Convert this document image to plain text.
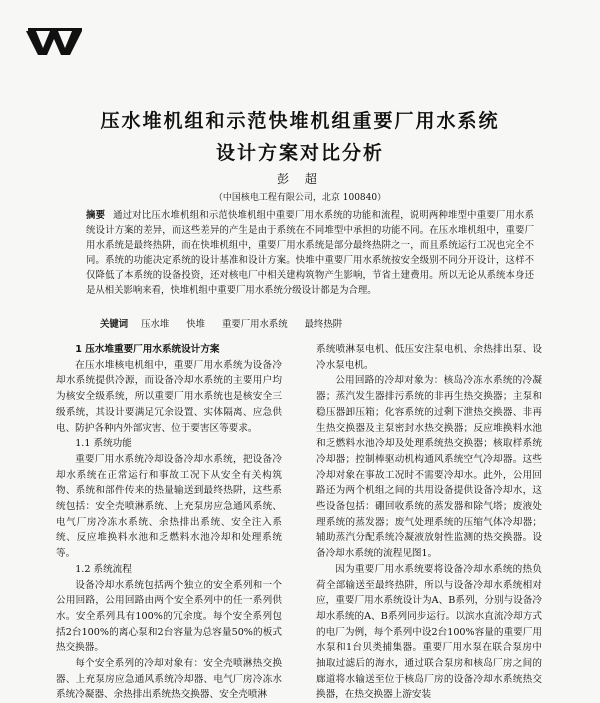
压水堆机组和示范快堆机组重要厂用水系统
设计方案对比分析
彭 超
（中国核电工程有限公司，北京 100840）
摘要 通过对比压水堆机组和示范快堆机组中重要厂用水系统的功能和流程，说明两种堆型中重要厂用水系统设计方案的差异，而这些差异的产生是由于系统在不同堆型中承担的功能不同。在压水堆机组中，重要厂用水系统是最终热阱，而在快堆机组中，重要厂用水系统是部分最终热阱之一，而且系统运行工况也完全不同。系统的功能决定系统的设计基准和设计方案。快堆中重要厂用水系统按安全级别不同分开设计，这样不仅降低了本系统的设备投资，还对核电厂中相关建构筑物产生影响，节省土建费用。所以无论从系统本身还是从相关影响来看，快堆机组中重要厂用水系统分级设计都是为合理。
关键词 压水堆 快堆 重要厂用水系统 最终热阱

1 压水堆重要厂用水系统设计方案

在压水堆核电机组中，重要厂用水系统为设备冷却水系统提供冷源，而设备冷却水系统的主要用户均为核安全级系统，所以重要厂用水系统也是核安全三级系统，其设计要满足冗余设置、实体隔离、应急供电、防护各种内外部灾害、位于要害区等要求。

1.1 系统功能

重要厂用水系统冷却设备冷却水系统，把设备冷却水系统在正常运行和事故工况下从安全有关构筑物、系统和部件传来的热量输送到最终热阱，这些系统包括：安全壳喷淋系统、上充泵房应急通风系统、电气厂房冷冻水系统、余热排出系统、安全注入系统、反应堆换料水池和乏燃料水池冷却和处理系统等。

1.2 系统流程

设备冷却水系统包括两个独立的安全系列和一个公用回路，公用回路由两个安全系列中的任一系列供水。安全系列具有100%的冗余度。每个安全系列包括2台100%的离心泵和2台容量为总容量50%的板式热交换器。

每个安全系列的冷却对象有：安全壳喷淋热交换器、上充泵房应急通风系统冷却器、电气厂房冷冻水系统冷凝器、余热排出系统热交换器、安全壳喷淋

系统喷淋泵电机、低压安注泵电机、余热排出泵、设冷水泵电机。

公用回路的冷却对象为：核岛冷冻水系统的冷凝器；蒸汽发生器排污系统的非再生热交换器；主泵和稳压器卸压箱；化容系统的过剩下泄热交换器、非再生热交换器及主泵密封水热交换器；反应堆换料水池和乏燃料水池冷却及处理系统热交换器；核取样系统冷却器；控制棒驱动机构通风系统空气冷却器。这些冷却对象在事故工况时不需要冷却水。此外，公用回路还为两个机组之间的共用设备提供设备冷却水，这些设备包括：硼回收系统的蒸发器和除气塔；废液处理系统的蒸发器；废气处理系统的压缩气体冷却器；辅助蒸汽分配系统冷凝液放射性监测的热交换器。设备冷却水系统的流程见图1。

因为重要厂用水系统要将设备冷却水系统的热负荷全部输送至最终热阱，所以与设备冷却水系统相对应，重要厂用水系统设计为A、B系列，分别与设备冷却水系统的A、B系列同步运行。以滨水直流冷却方式的电厂为例，每个系列中设2台100%容量的重要厂用水泵和1台贝类捕集器。重要厂用水泵在联合泵房中抽取过滤后的海水，通过联合泵房和核岛厂房之间的廊道将水输送至位于核岛厂房的设备冷却水系统热交换器，在热交换器上游安装
